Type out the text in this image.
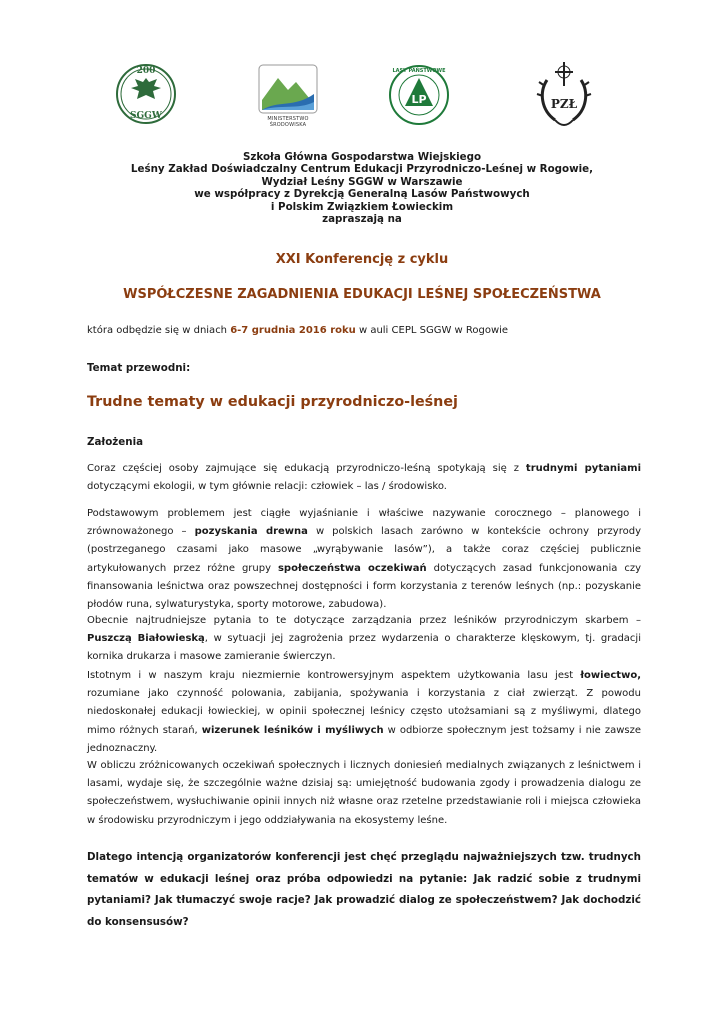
200
SGGW	MINISTERSTWO ŚRODOWISKA
LP
LASY PAŃSTWOWE
PZŁ
Szkoła Główna Gospodarstwa Wiejskiego
Leśny Zakład Doświadczalny Centrum Edukacji Przyrodniczo-Leśnej w Rogowie,
Wydział Leśny SGGW w Warszawie
we współpracy z Dyrekcją Generalną Lasów Państwowych
i Polskim Związkiem Łowieckim
zapraszają na
XXI Konferencję z cyklu
WSPÓŁCZESNE ZAGADNIENIA EDUKACJI LEŚNEJ SPOŁECZEŃSTWA
która odbędzie się w dniach 6-7 grudnia 2016 roku w auli CEPL SGGW w Rogowie
Temat przewodni:
Trudne tematy w edukacji przyrodniczo-leśnej
Założenia

Coraz częściej osoby zajmujące się edukacją przyrodniczo-leśną spotykają się z trudnymi pytaniami dotyczącymi ekologii, w tym głównie relacji: człowiek – las / środowisko.

Podstawowym problemem jest ciągłe wyjaśnianie i właściwe nazywanie corocznego – planowego i zrównoważonego – pozyskania drewna w polskich lasach zarówno w kontekście ochrony przyrody (postrzeganego czasami jako masowe „wyrąbywanie lasów”), a także coraz częściej publicznie artykułowanych przez różne grupy społeczeństwa oczekiwań dotyczących zasad funkcjonowania czy finansowania leśnictwa oraz powszechnej dostępności i form korzystania z terenów leśnych (np.: pozyskanie płodów runa, sylwaturystyka, sporty motorowe, zabudowa).

Obecnie najtrudniejsze pytania to te dotyczące zarządzania przez leśników przyrodniczym skarbem – Puszczą Białowieską, w sytuacji jej zagrożenia przez wydarzenia o charakterze klęskowym, tj. gradacji kornika drukarza i masowe zamieranie świerczyn.

Istotnym i w naszym kraju niezmiernie kontrowersyjnym aspektem użytkowania lasu jest łowiectwo, rozumiane jako czynność polowania, zabijania, spożywania i korzystania z ciał zwierząt. Z powodu niedoskonałej edukacji łowieckiej, w opinii społecznej leśnicy często utożsamiani są z myśliwymi, dlatego mimo różnych starań, wizerunek leśników i myśliwych w odbiorze społecznym jest tożsamy i nie zawsze jednoznaczny.

W obliczu zróżnicowanych oczekiwań społecznych i licznych doniesień medialnych związanych z leśnictwem i lasami, wydaje się, że szczególnie ważne dzisiaj są: umiejętność budowania zgody i prowadzenia dialogu ze społeczeństwem, wysłuchiwanie opinii innych niż własne oraz rzetelne przedstawianie roli i miejsca człowieka w środowisku przyrodniczym i jego oddziaływania na ekosystemy leśne.

Dlatego intencją organizatorów konferencji jest chęć przeglądu najważniejszych tzw. trudnych tematów w edukacji leśnej oraz próba odpowiedzi na pytanie: Jak radzić sobie z trudnymi pytaniami? Jak tłumaczyć swoje racje? Jak prowadzić dialog ze społeczeństwem? Jak dochodzić do konsensusów?
